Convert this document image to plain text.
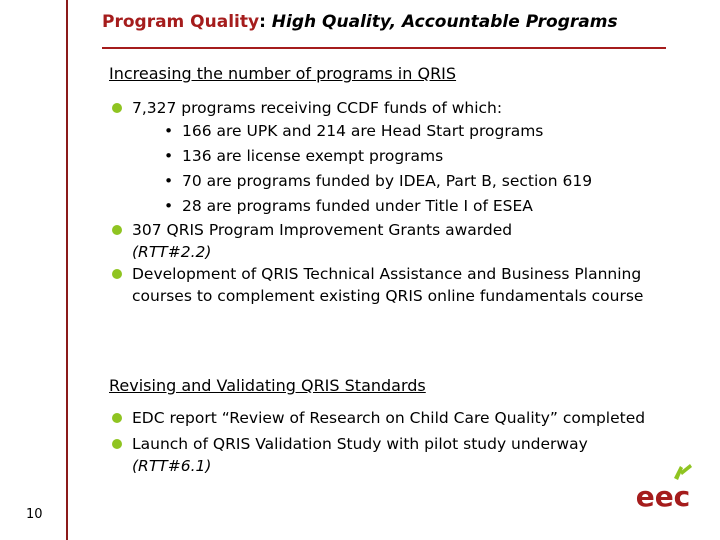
Program Quality: High Quality, Accountable Programs
Increasing the number of programs in QRIS
7,327 programs receiving CCDF funds of which:
• 166 are UPK and 214 are Head Start programs
• 136 are license exempt programs
• 70 are programs funded by IDEA, Part B, section 619
• 28 are programs funded under Title I of ESEA
307 QRIS Program Improvement Grants awarded
(RTT#2.2)
Development of QRIS Technical Assistance and Business Planning courses to complement existing QRIS online fundamentals course
Revising and Validating QRIS Standards
EDC report “Review of Research on Child Care Quality” completed
Launch of QRIS Validation Study with pilot study underway
(RTT#6.1)
10
eec
